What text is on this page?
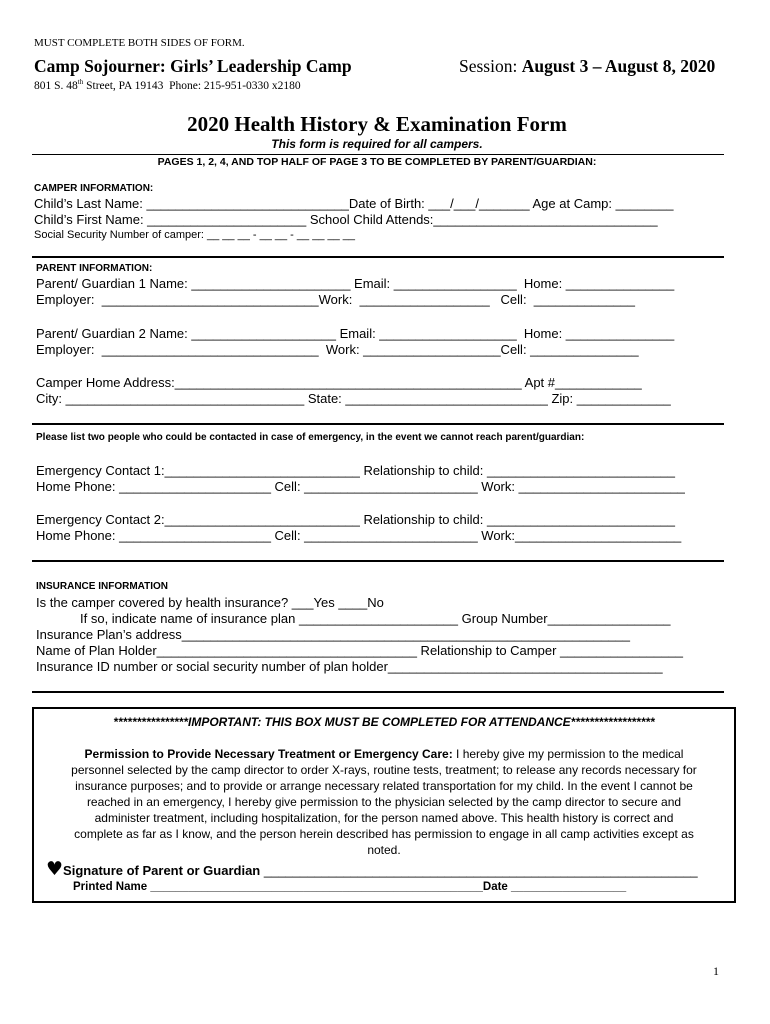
MUST COMPLETE BOTH SIDES OF FORM.
Camp Sojourner: Girls’ Leadership Camp	Session: August 3 – August 8, 2020
801 S. 48th Street, PA 19143  Phone: 215-951-0330 x2180
2020 Health History & Examination Form
This form is required for all campers.
PAGES 1, 2, 4, AND TOP HALF OF PAGE 3 TO BE COMPLETED BY PARENT/GUARDIAN:
CAMPER INFORMATION:
Child’s Last Name: ____________________________Date of Birth: ___/___/_______ Age at Camp: ________
Child’s First Name: ______________________ School Child Attends:_______________________________
Social Security Number of camper: __ __ __ - __ __ - __ __ __ __
PARENT INFORMATION:
Parent/ Guardian 1 Name: ______________________ Email: _________________  Home: _______________
Employer:  ______________________________Work:  __________________   Cell:  ______________
Parent/ Guardian 2 Name: ____________________ Email: ___________________  Home: _______________
Employer:  ______________________________  Work: ___________________Cell: _______________
Camper Home Address:________________________________________________ Apt #____________
City: _________________________________ State: ____________________________ Zip: _____________
Please list two people who could be contacted in case of emergency, in the event we cannot reach parent/guardian:
Emergency Contact 1:___________________________ Relationship to child: __________________________
Home Phone: _____________________ Cell: ________________________ Work: _______________________
Emergency Contact 2:___________________________ Relationship to child: __________________________
Home Phone: _____________________ Cell: ________________________ Work:_______________________
INSURANCE INFORMATION
Is the camper covered by health insurance? ___Yes ____No
If so, indicate name of insurance plan ______________________ Group Number_________________
Insurance Plan’s address______________________________________________________________
Name of Plan Holder____________________________________ Relationship to Camper _________________
Insurance ID number or social security number of plan holder______________________________________
****************IMPORTANT: THIS BOX MUST BE COMPLETED FOR ATTENDANCE******************
Permission to Provide Necessary Treatment or Emergency Care: I hereby give my permission to the medical
personnel selected by the camp director to order X-rays, routine tests, treatment; to release any records necessary for
insurance purposes; and to provide or arrange necessary related transportation for my child. In the event I cannot be
reached in an emergency, I hereby give permission to the physician selected by the camp director to secure and
administer treatment, including hospitalization, for the person named above. This health history is correct and
complete as far as I know, and the person herein described has permission to engage in all camp activities except as
noted.
♥Signature of Parent or Guardian ____________________________________________________________
Printed Name ____________________________________________________Date __________________
1
